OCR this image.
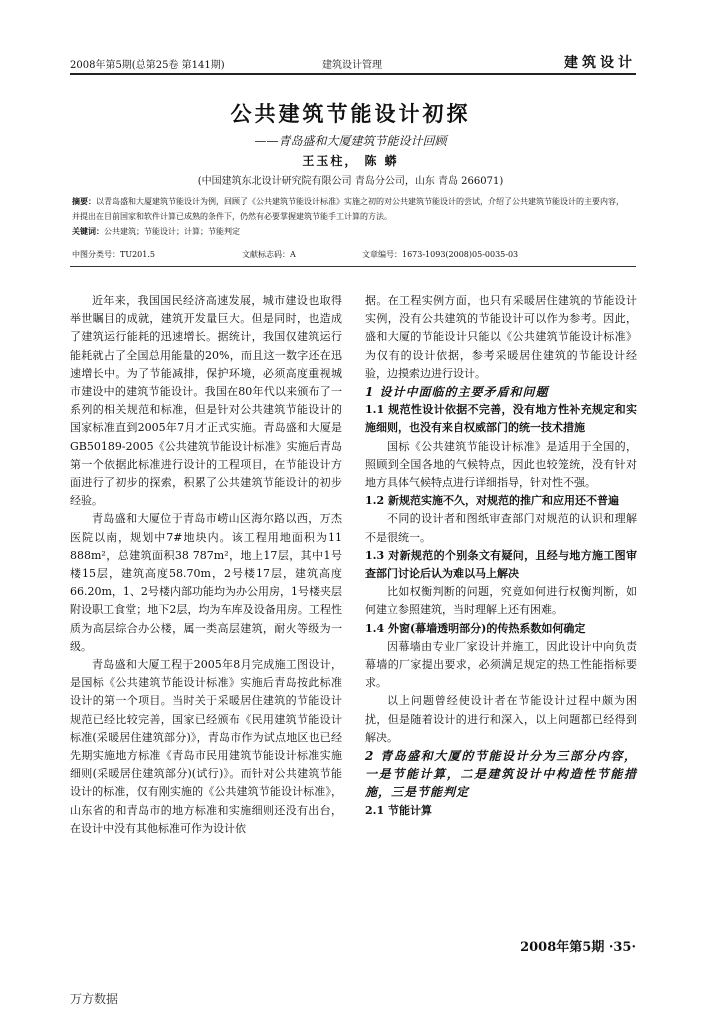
2008年第5期(总第25卷 第141期)	建筑设计管理	建筑设计
公共建筑节能设计初探
——青岛盛和大厦建筑节能设计回顾
王玉柱， 陈 蟒
(中国建筑东北设计研究院有限公司 青岛分公司，山东 青岛 266071)
摘要：以青岛盛和大厦建筑节能设计为例，回顾了《公共建筑节能设计标准》实施之初的对公共建筑节能设计的尝试，介绍了公共建筑节能设计的主要内容，并提出在目前国家和软件计算已成熟的条件下，仍然有必要掌握建筑节能手工计算的方法。
关键词：公共建筑；节能设计；计算；节能判定
中图分类号：TU201.5	文献标志码：A	文章编号：1673-1093(2008)05-0035-03

近年来，我国国民经济高速发展，城市建设也取得举世瞩目的成就，建筑开发量巨大。但是同时，也造成了建筑运行能耗的迅速增长。据统计，我国仅建筑运行能耗就占了全国总用能量的20%，而且这一数字还在迅速增长中。为了节能减排，保护环境，必须高度重视城市建设中的建筑节能设计。我国在80年代以来颁布了一系列的相关规范和标准，但是针对公共建筑节能设计的国家标准直到2005年7月才正式实施。青岛盛和大厦是GB50189-2005《公共建筑节能设计标准》实施后青岛第一个依据此标准进行设计的工程项目，在节能设计方面进行了初步的探索，积累了公共建筑节能设计的初步经验。

青岛盛和大厦位于青岛市崂山区海尔路以西，万杰医院以南，规划中7#地块内。该工程用地面积为11 888m²，总建筑面积38 787m²，地上17层，其中1号楼15层，建筑高度58.70m，2号楼17层，建筑高度66.20m，1、2号楼内部功能均为办公用房，1号楼夹层附设职工食堂；地下2层，均为车库及设备用房。工程性质为高层综合办公楼，属一类高层建筑，耐火等级为一级。

青岛盛和大厦工程于2005年8月完成施工图设计，是国标《公共建筑节能设计标准》实施后青岛按此标准设计的第一个项目。当时关于采暖居住建筑的节能设计规范已经比较完善，国家已经颁布《民用建筑节能设计标准(采暖居住建筑部分)》，青岛市作为试点地区也已经先期实施地方标准《青岛市民用建筑节能设计标准实施细则(采暖居住建筑部分)(试行)》。而针对公共建筑节能设计的标准，仅有刚实施的《公共建筑节能设计标准》，山东省的和青岛市的地方标准和实施细则还没有出台，在设计中没有其他标准可作为设计依

据。在工程实例方面，也只有采暖居住建筑的节能设计实例，没有公共建筑的节能设计可以作为参考。因此，盛和大厦的节能设计只能以《公共建筑节能设计标准》为仅有的设计依据，参考采暖居住建筑的节能设计经验，边摸索边进行设计。

1 设计中面临的主要矛盾和问题
1.1 规范性设计依据不完善，没有地方性补充规定和实施细则，也没有来自权威部门的统一技术措施

国标《公共建筑节能设计标准》是适用于全国的，照顾到全国各地的气候特点，因此也较笼统，没有针对地方具体气候特点进行详细指导，针对性不强。

1.2 新规范实施不久，对规范的推广和应用还不普遍

不同的设计者和图纸审查部门对规范的认识和理解不是很统一。

1.3 对新规范的个别条文有疑问，且经与地方施工图审查部门讨论后认为难以马上解决

比如权衡判断的问题，究竟如何进行权衡判断，如何建立参照建筑，当时理解上还有困难。

1.4 外窗(幕墙透明部分)的传热系数如何确定

因幕墙由专业厂家设计并施工，因此设计中向负责幕墙的厂家提出要求，必须满足规定的热工性能指标要求。

以上问题曾经使设计者在节能设计过程中颇为困扰，但是随着设计的进行和深入，以上问题都已经得到解决。

2 青岛盛和大厦的节能设计分为三部分内容，一是节能计算，二是建筑设计中构造性节能措施，三是节能判定
2.1 节能计算
2008年第5期 ·35·
万方数据
